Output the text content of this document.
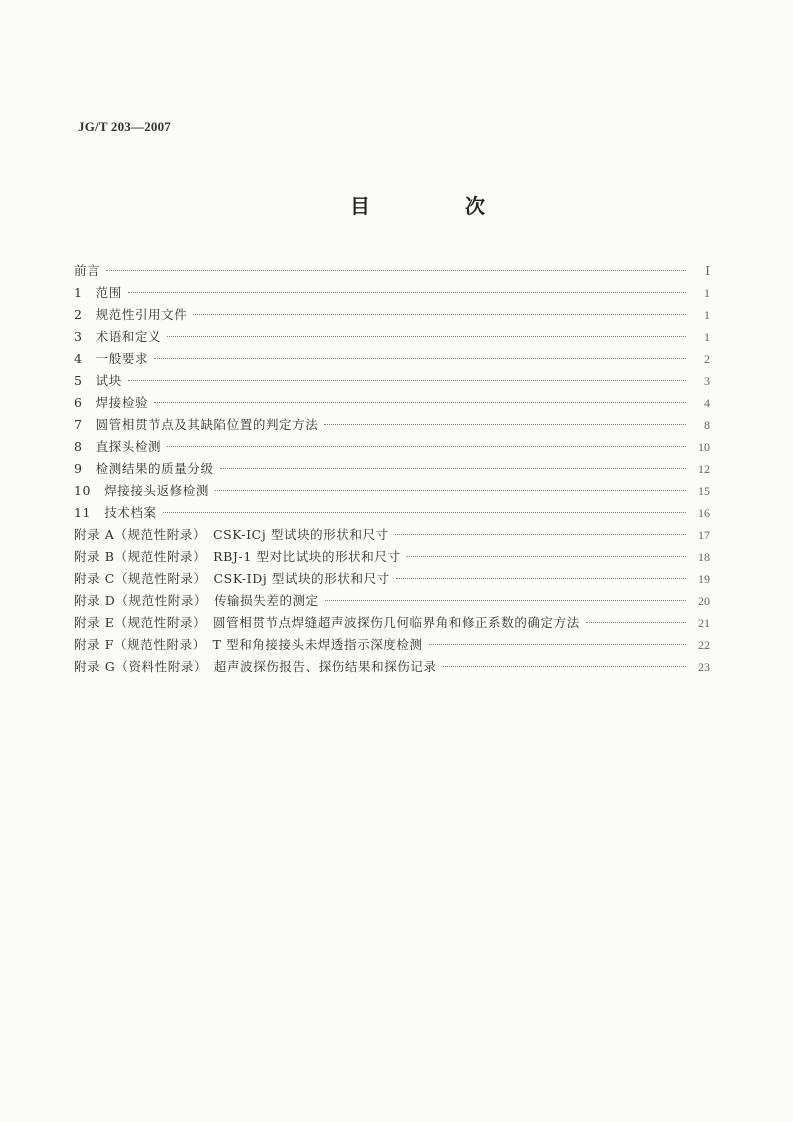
JG/T 203—2007
目 次
前言	Ⅰ
1　范围	1
2　规范性引用文件	1
3　术语和定义	1
4　一般要求	2
5　试块	3
6　焊接检验	4
7　圆管相贯节点及其缺陷位置的判定方法	8
8　直探头检测	10
9　检测结果的质量分级	12
10　焊接接头返修检测	15
11　技术档案	16
附录 A（规范性附录）　CSK-ⅠCj 型试块的形状和尺寸	17
附录 B（规范性附录）　RBJ-1 型对比试块的形状和尺寸	18
附录 C（规范性附录）　CSK-ⅠDj 型试块的形状和尺寸	19
附录 D（规范性附录）　传输损失差的测定	20
附录 E（规范性附录）　圆管相贯节点焊缝超声波探伤几何临界角和修正系数的确定方法	21
附录 F（规范性附录）　T 型和角接接头未焊透指示深度检测	22
附录 G（资料性附录）　超声波探伤报告、探伤结果和探伤记录	23
